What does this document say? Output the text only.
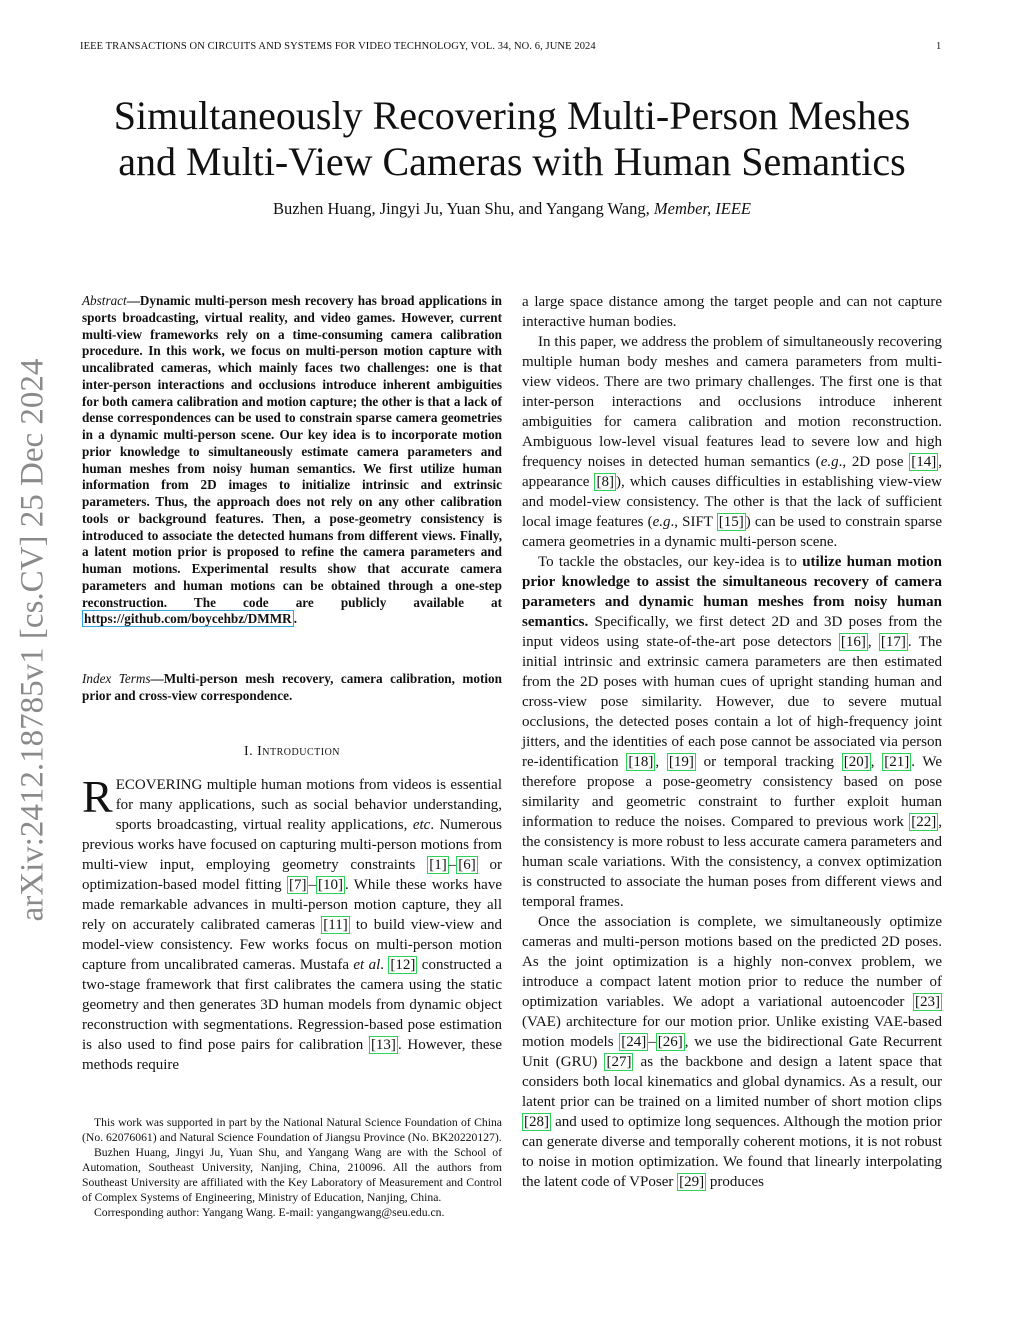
IEEE TRANSACTIONS ON CIRCUITS AND SYSTEMS FOR VIDEO TECHNOLOGY, VOL. 34, NO. 6, JUNE 2024	1
arXiv:2412.18785v1 [cs.CV] 25 Dec 2024
Simultaneously Recovering Multi-Person Meshes
and Multi-View Cameras with Human Semantics
Buzhen Huang, Jingyi Ju, Yuan Shu, and Yangang Wang, Member, IEEE
Abstract—Dynamic multi-person mesh recovery has broad applications in sports broadcasting, virtual reality, and video games. However, current multi-view frameworks rely on a time-consuming camera calibration procedure. In this work, we focus on multi-person motion capture with uncalibrated cameras, which mainly faces two challenges: one is that inter-person interactions and occlusions introduce inherent ambiguities for both camera calibration and motion capture; the other is that a lack of dense correspondences can be used to constrain sparse camera geometries in a dynamic multi-person scene. Our key idea is to incorporate motion prior knowledge to simultaneously estimate camera parameters and human meshes from noisy human semantics. We first utilize human information from 2D images to initialize intrinsic and extrinsic parameters. Thus, the approach does not rely on any other calibration tools or background features. Then, a pose-geometry consistency is introduced to associate the detected humans from different views. Finally, a latent motion prior is proposed to refine the camera parameters and human motions. Experimental results show that accurate camera parameters and human motions can be obtained through a one-step reconstruction. The code are publicly available at https://github.com/boycehbz/DMMR .
Index Terms—Multi-person mesh recovery, camera calibration, motion prior and cross-view correspondence.
I. Introduction

RECOVERING multiple human motions from videos is essential for many applications, such as social behavior understanding, sports broadcasting, virtual reality applications, etc. Numerous previous works have focused on capturing multi-person motions from multi-view input, employing geometry constraints [1] – [6] or optimization-based model fitting [7] – [10] . While these works have made remarkable advances in multi-person motion capture, they all rely on accurately calibrated cameras [11] to build view-view and model-view consistency. Few works focus on multi-person motion capture from uncalibrated cameras. Mustafa et al. [12] constructed a two-stage framework that first calibrates the camera using the static geometry and then generates 3D human models from dynamic object reconstruction with segmentations. Regression-based pose estimation is also used to find pose pairs for calibration [13] . However, these methods require

This work was supported in part by the National Natural Science Foundation of China (No. 62076061) and Natural Science Foundation of Jiangsu Province (No. BK20220127).

Buzhen Huang, Jingyi Ju, Yuan Shu, and Yangang Wang are with the School of Automation, Southeast University, Nanjing, China, 210096. All the authors from Southeast University are affiliated with the Key Laboratory of Measurement and Control of Complex Systems of Engineering, Ministry of Education, Nanjing, China.

Corresponding author: Yangang Wang. E-mail: yangangwang@seu.edu.cn.

a large space distance among the target people and can not capture interactive human bodies.

In this paper, we address the problem of simultaneously recovering multiple human body meshes and camera parameters from multi-view videos. There are two primary challenges. The first one is that inter-person interactions and occlusions introduce inherent ambiguities for camera calibration and motion reconstruction. Ambiguous low-level visual features lead to severe low and high frequency noises in detected human semantics (e.g., 2D pose [14] , appearance [8] ), which causes difficulties in establishing view-view and model-view consistency. The other is that the lack of sufficient local image features (e.g., SIFT [15] ) can be used to constrain sparse camera geometries in a dynamic multi-person scene.

To tackle the obstacles, our key-idea is to utilize human motion prior knowledge to assist the simultaneous recovery of camera parameters and dynamic human meshes from noisy human semantics. Specifically, we first detect 2D and 3D poses from the input videos using state-of-the-art pose detectors [16] , [17] . The initial intrinsic and extrinsic camera parameters are then estimated from the 2D poses with human cues of upright standing human and cross-view pose similarity. However, due to severe mutual occlusions, the detected poses contain a lot of high-frequency joint jitters, and the identities of each pose cannot be associated via person re-identification [18] , [19] or temporal tracking [20] , [21] . We therefore propose a pose-geometry consistency based on pose similarity and geometric constraint to further exploit human information to reduce the noises. Compared to previous work [22] , the consistency is more robust to less accurate camera parameters and human scale variations. With the consistency, a convex optimization is constructed to associate the human poses from different views and temporal frames.

Once the association is complete, we simultaneously optimize cameras and multi-person motions based on the predicted 2D poses. As the joint optimization is a highly non-convex problem, we introduce a compact latent motion prior to reduce the number of optimization variables. We adopt a variational autoencoder [23] (VAE) architecture for our motion prior. Unlike existing VAE-based motion models [24] – [26] , we use the bidirectional Gate Recurrent Unit (GRU) [27] as the backbone and design a latent space that considers both local kinematics and global dynamics. As a result, our latent prior can be trained on a limited number of short motion clips [28] and used to optimize long sequences. Although the motion prior can generate diverse and temporally coherent motions, it is not robust to noise in motion optimization. We found that linearly interpolating the latent code of VPoser [29] produces
